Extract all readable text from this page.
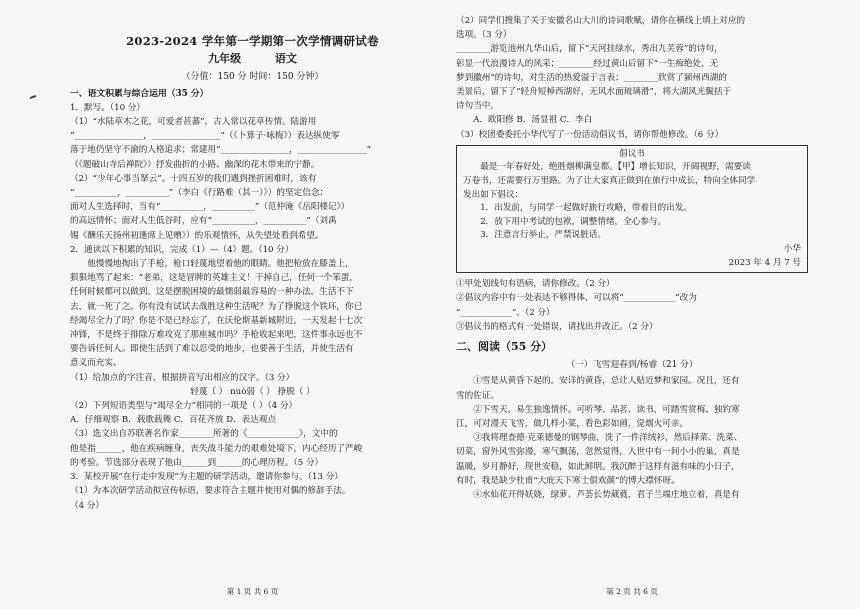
2023-2024 学年第一学期第一次学情调研试卷
九年级 语文
（分值：150 分 时间：150 分钟）
一、语文积累与综合运用（35 分）

1．默写。（10 分）

（1）“水陆草木之花，可爱者甚蕃”，古人常以花草传情。陆游用

“________________，________________”（《卜算子·咏梅》）表达纵使零

落于地仍坚守不渝的人格追求；常建用“________________，________________”

（《题破山寺后禅院》）抒发曲折的小路、幽深的花木带来的宁静。

（2）“少年心事当拏云”。十四五岁的我们遇到挫折困难时，该有

“__________，__________”（李白《行路难（其一）》）的坚定信念；

面对人生选择时，当有“__________，__________”（范仲淹《岳阳楼记》）

的高远情怀；面对人生低谷时，应有“__________，__________”（刘禹

锡《酬乐天扬州初逢席上见赠》）的乐观情怀，从失望处看到希望。

2．通读以下积累的知识，完成（1）—（4）题。（10 分）

他慢慢地掏出了手枪，枪口轻蔑地望着他的眼睛。他把枪放在膝盖上，

狠狠地骂了起来：“老弟，这是冒牌的英雄主义！干掉自己，任何一个笨蛋，

任何时候都可以做到。这是摆脱困境的最懦弱最容易的一种办法。生活不下

去，就一死了之。你有没有试试去战胜这种生活呢？为了挣脱这个铁环，你已

经竭尽全力了吗？你是不是已经忘了，在沃伦斯基新城附近，一天发起十七次

冲锋，不是终于排除万难攻克了那座城市吗？手枪收起来吧，这件事永远也不

要告诉任何人。即使生活到了难以忍受的地步，也要善于生活，并使生活有

意义而充实。

（1）给加点的字注音，根据拼音写出相应的汉字。（3 分）

轻蔑（ ） nuò弱（ ） 挣脱（ ）

（2）下列短语类型与“竭尽全力”相同的一项是（ ）（4 分）

A．仔细观察 B．载歌载舞 C．百花齐放 D．表达观点

（3）选文出自苏联著名作家________所著的《____________》，文中的

他是指______，他在疾病缠身，丧失战斗能力的艰难处境下，内心经历了严峻

的考验。节选部分表现了他由______到______的心理历程。（5 分）

3．某校开展“在行走中发现”为主题的研学活动，邀请你参与。（13 分）

（1）为本次研学活动拟宣传标语，要求符合主题并使用对偶的修辞手法。

（4 分）

第 1 页 共 6 页

（2）同学们搜集了关于安徽名山大川的诗词歌赋，请你在横线上填上对应的

选项。（3 分）

________游览池州九华山后，留下“天河挂绿水，秀出九芙蓉”的诗句，

彰显一代浪漫诗人的风采；________经过黄山后留下“一生痴绝处，无

梦到徽州”的诗句，对生活的热爱溢于言表；________欣赏了颍州西湖的

美景后，留下了“轻舟短棹西湖好，无风水面琉璃滑”，将大湖风光鬓括于

诗句当中。

A．欧阳修 B．汤显祖 C．李白

（3）校团委委托小华代写了一份活动倡议书，请你帮他修改。（6 分）

倡议书

最是一年春好处，绝胜烟柳满皇都。【甲】增长知识，开阔视野，需要读

万卷书，还需要行万里路。为了让大家真正做到在旅行中成长，特向全体同学

发出如下倡议：

1．出发前，与同学一起做好旅行攻略，带着目的出发。

2．放下用中考试的包袱，调整情绪，全心参与。

3．注意言行举止，严禁说脏话。

小华

2023 年 4 月 7 号

①甲处划线句有语病，请你修改。（2 分）

②倡议内容中有一处表达不够得体，可以将“____________”改为

“____________”。（2 分）

③倡议书的格式有一处错误，请找出并改正。（2 分）

二、阅读（55 分）
（一）飞雪迎春到/杨睿（21 分）

①雪是从黄昏下起的。安详的黄昏，总让人贴近梦和家园。况且，还有

雪的佐证。

②下雪天，易生独逸情怀。可听琴、品茗、读书，可踏雪赏梅、独钓寒

江，可对漫天飞雪，做几样小菜，看色彩如画，觉烟火可亲。

③我将理查德·克莱德曼的钢琴曲，洗了一件洋绒衫，然后择菜、洗菜、

切菜，窗外风雪弥漫，寒气飘荡，忽然觉得，人世中有一间小小的巢，真是

温暖，岁月静好，现世安稳，如此鲜明。我沉醉于这样有滋有味的小日子，

有时，我是缺少杜甫“大庇天下寒士俱欢颜”的博大襟怀呀。

④水仙花开得妖娆，绿萝、芦荟长势葳蕤，君子兰端庄地立着，真是有

第 2 页 共 6 页
